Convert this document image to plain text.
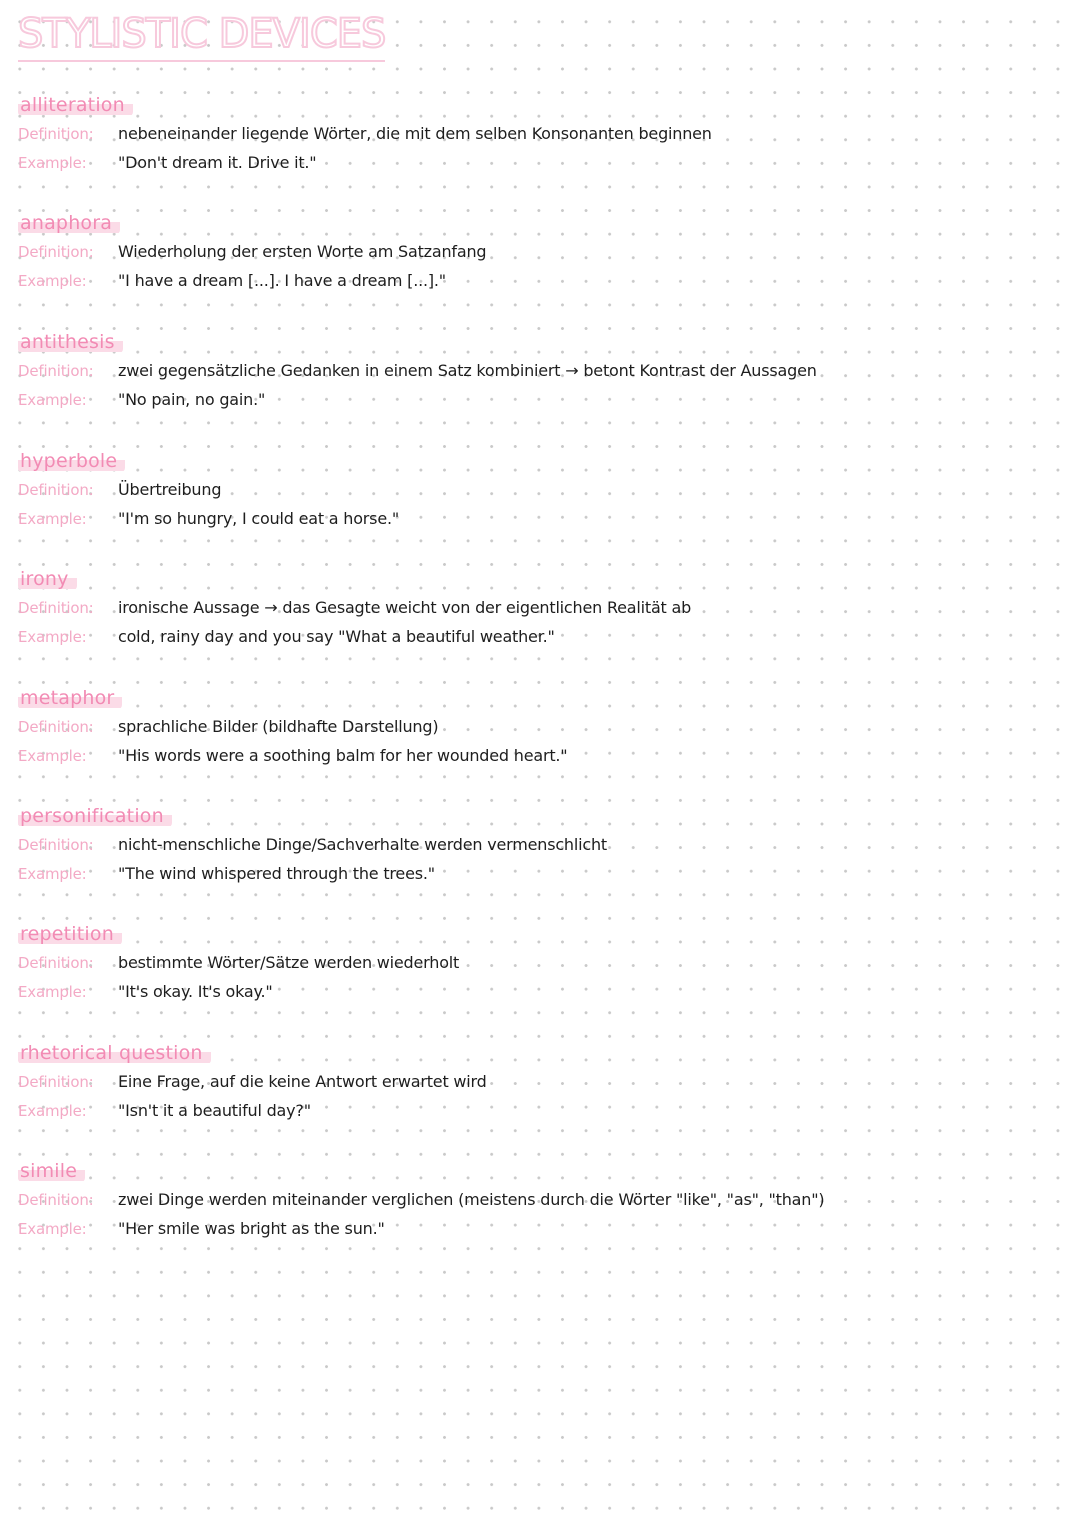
STYLISTIC DEVICES
alliteration
Definition: nebeneinander liegende Wörter, die mit dem selben Konsonanten beginnen
Example: "Don't dream it. Drive it."
anaphora
Definition: Wiederholung der ersten Worte am Satzanfang
Example: "I have a dream [...]. I have a dream [...]."
antithesis
Definition: zwei gegensätzliche Gedanken in einem Satz kombiniert → betont Kontrast der Aussagen
Example: "No pain, no gain."
hyperbole
Definition: Übertreibung
Example: "I'm so hungry, I could eat a horse."
irony
Definition: ironische Aussage → das Gesagte weicht von der eigentlichen Realität ab
Example: cold, rainy day and you say "What a beautiful weather."
metaphor
Definition: sprachliche Bilder (bildhafte Darstellung)
Example: "His words were a soothing balm for her wounded heart."
personification
Definition: nicht-menschliche Dinge/Sachverhalte werden vermenschlicht
Example: "The wind whispered through the trees."
repetition
Definition: bestimmte Wörter/Sätze werden wiederholt
Example: "It's okay. It's okay."
rhetorical question
Definition: Eine Frage, auf die keine Antwort erwartet wird
Example: "Isn't it a beautiful day?"
simile
Definition: zwei Dinge werden miteinander verglichen (meistens durch die Wörter "like", "as", "than")
Example: "Her smile was bright as the sun."
